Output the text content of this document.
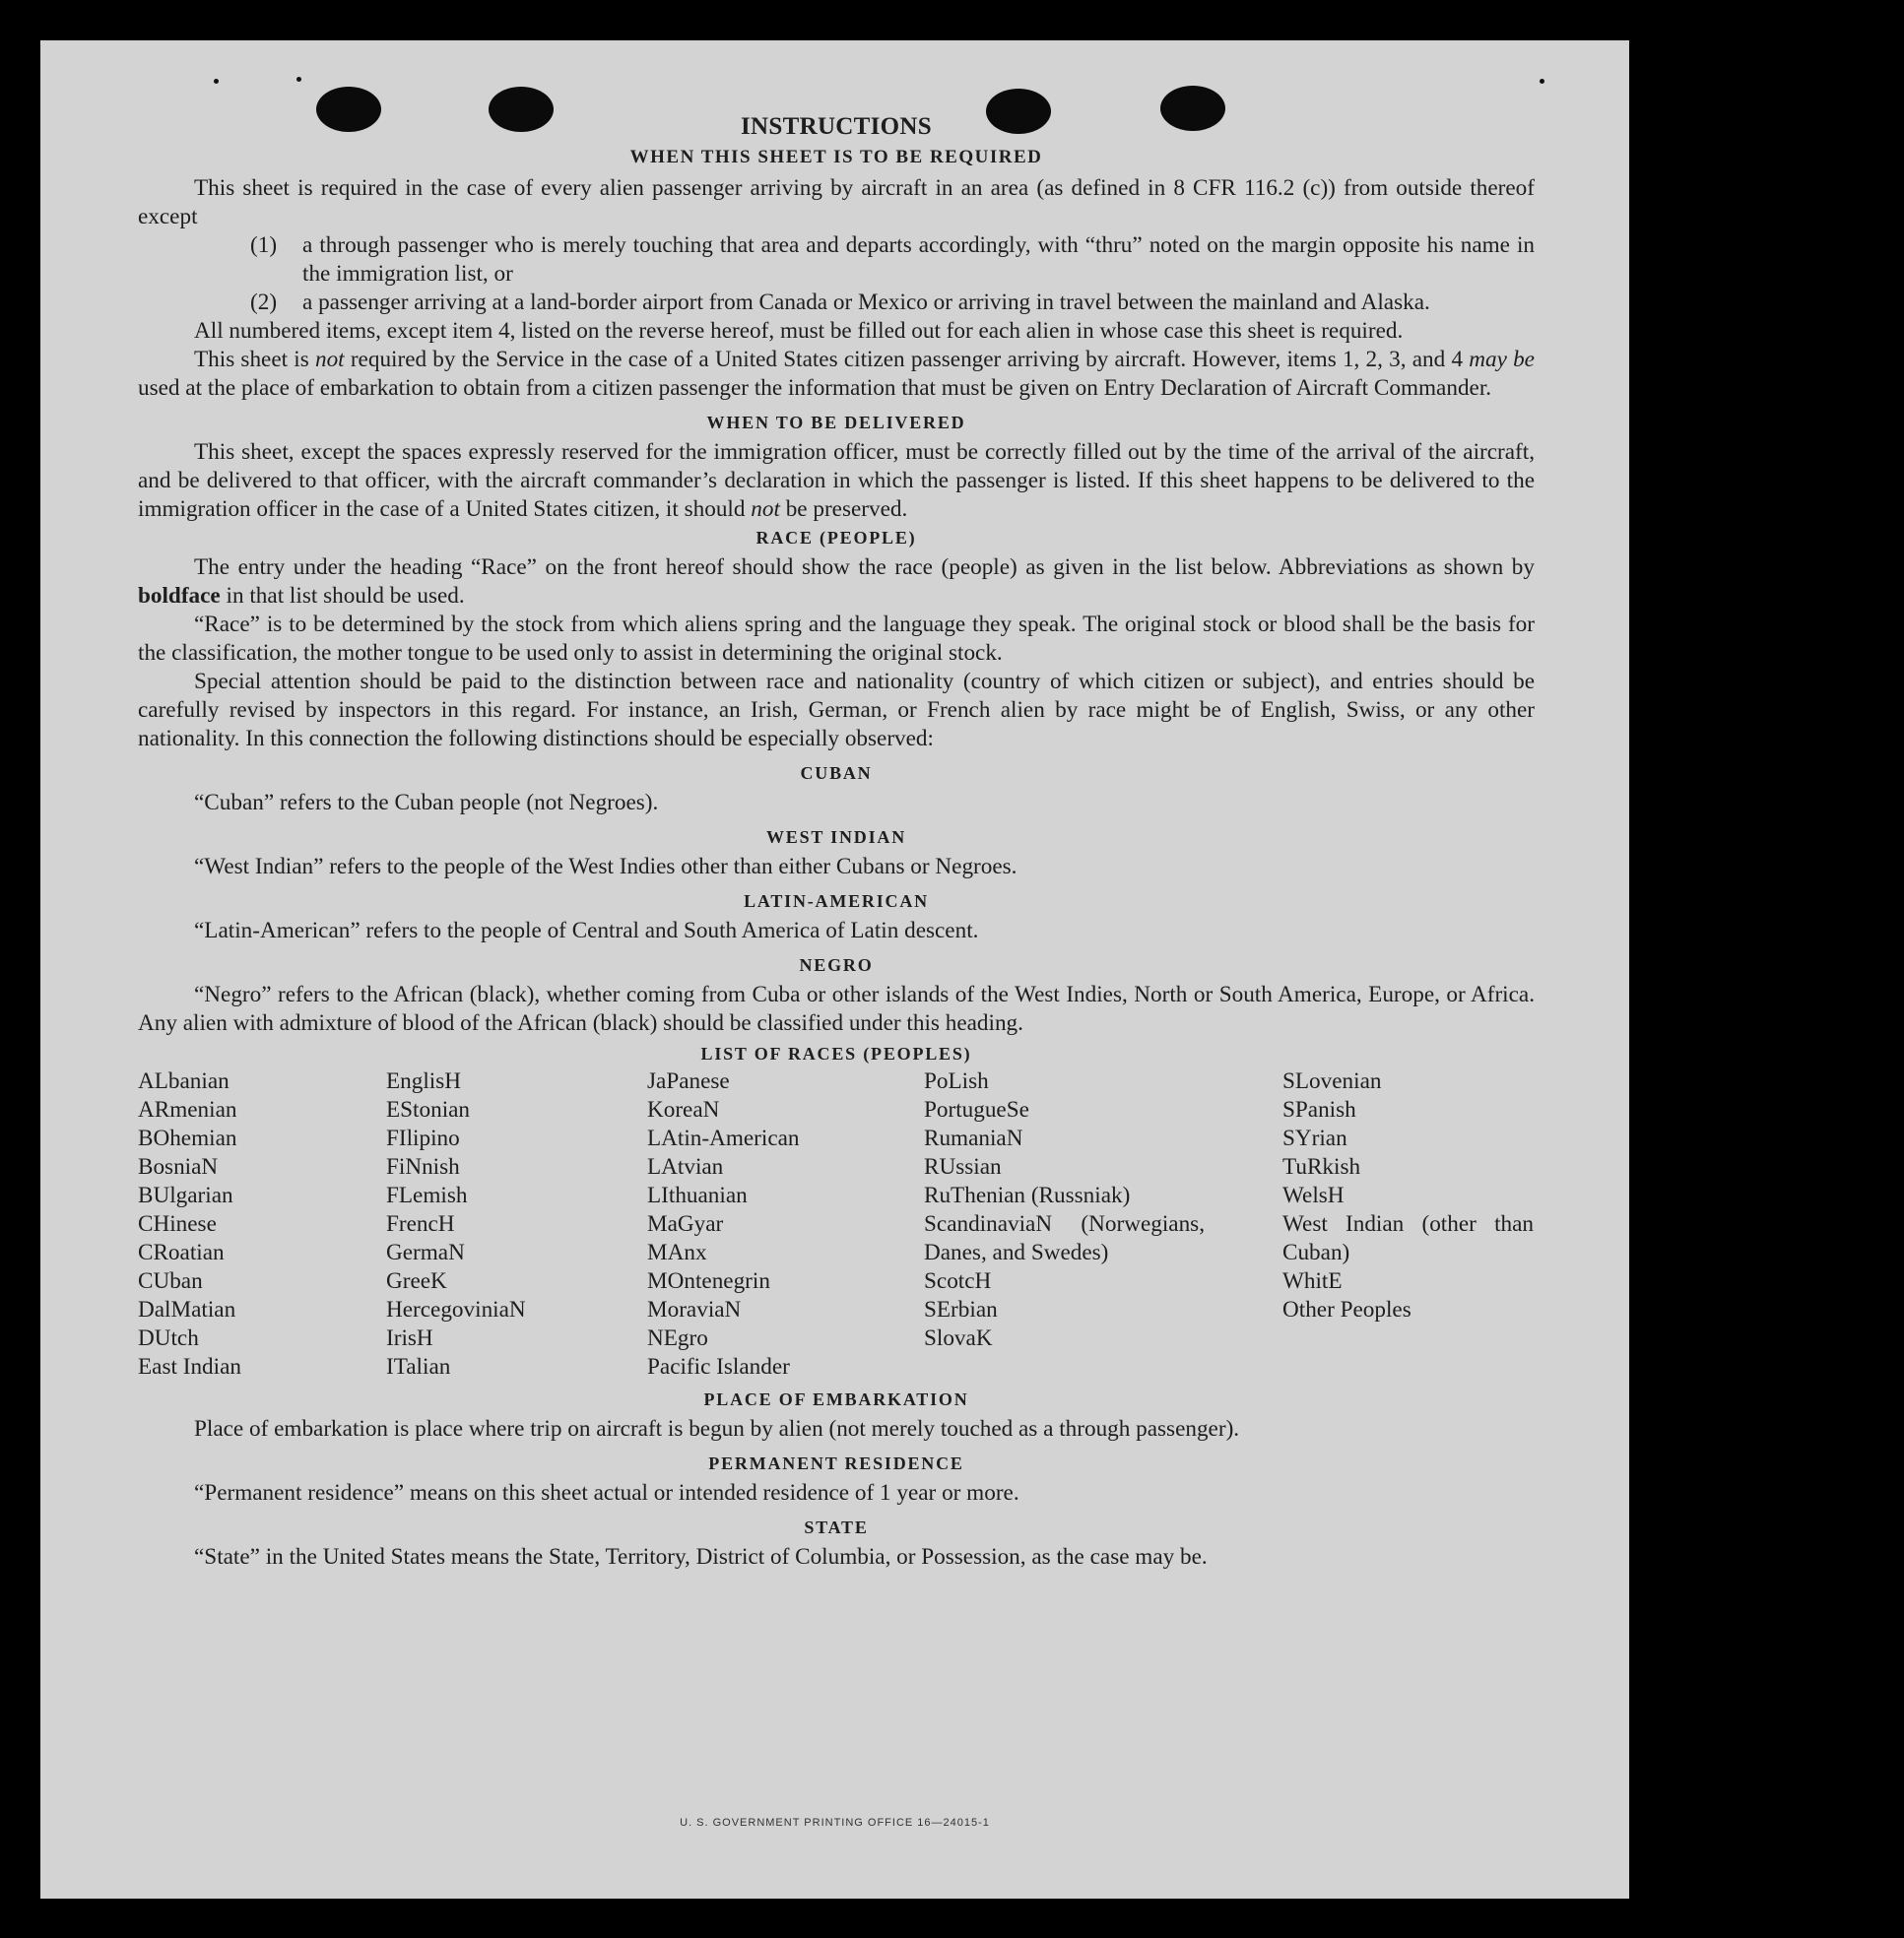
INSTRUCTIONS
WHEN THIS SHEET IS TO BE REQUIRED

This sheet is required in the case of every alien passenger arriving by aircraft in an area (as defined in 8 CFR 116.2 (c)) from outside thereof except

(1)	a through passenger who is merely touching that area and departs accordingly, with “thru” noted on the margin opposite his name in the immigration list, or
(2)	a passenger arriving at a land-border airport from Canada or Mexico or arriving in travel between the mainland and Alaska.

All numbered items, except item 4, listed on the reverse hereof, must be filled out for each alien in whose case this sheet is required.

This sheet is not required by the Service in the case of a United States citizen passenger arriving by aircraft. However, items 1, 2, 3, and 4 may be used at the place of embarkation to obtain from a citizen passenger the information that must be given on Entry Declaration of Aircraft Commander.

WHEN TO BE DELIVERED

This sheet, except the spaces expressly reserved for the immigration officer, must be correctly filled out by the time of the arrival of the aircraft, and be delivered to that officer, with the aircraft commander’s declaration in which the passenger is listed. If this sheet happens to be delivered to the immigration officer in the case of a United States citizen, it should not be preserved.

RACE (PEOPLE)

The entry under the heading “Race” on the front hereof should show the race (people) as given in the list below. Abbreviations as shown by boldface in that list should be used.

“Race” is to be determined by the stock from which aliens spring and the language they speak. The original stock or blood shall be the basis for the classification, the mother tongue to be used only to assist in determining the original stock.

Special attention should be paid to the distinction between race and nationality (country of which citizen or subject), and entries should be carefully revised by inspectors in this regard. For instance, an Irish, German, or French alien by race might be of English, Swiss, or any other nationality. In this connection the following distinctions should be especially observed:

CUBAN

“Cuban” refers to the Cuban people (not Negroes).

WEST INDIAN

“West Indian” refers to the people of the West Indies other than either Cubans or Negroes.

LATIN-AMERICAN

“Latin-American” refers to the people of Central and South America of Latin descent.

NEGRO

“Negro” refers to the African (black), whether coming from Cuba or other islands of the West Indies, North or South America, Europe, or Africa. Any alien with admixture of blood of the African (black) should be classified under this heading.

LIST OF RACES (PEOPLES)
ALbanian
ARmenian
BOhemian
BosniaN
BUlgarian
CHinese
CRoatian
CUban
DalMatian
DUtch
East Indian
EnglisH
EStonian
FIlipino
FiNnish
FLemish
FrencH
GermaN
GreeK
HercegoviniaN
IrisH
ITalian
JaPanese
KoreaN
LAtin-American
LAtvian
LIthuanian
MaGyar
MAnx
MOntenegrin
MoraviaN
NEgro
Pacific Islander
PoLish
PortugueSe
RumaniaN
RUssian
RuThenian (Russniak)
ScandinaviaN (Norwegians, Danes, and Swedes)
ScotcH
SErbian
SlovaK
SLovenian
SPanish
SYrian
TuRkish
WelsH
West Indian (other than Cuban)
WhitE
Other Peoples
PLACE OF EMBARKATION

Place of embarkation is place where trip on aircraft is begun by alien (not merely touched as a through passenger).

PERMANENT RESIDENCE

“Permanent residence” means on this sheet actual or intended residence of 1 year or more.

STATE

“State” in the United States means the State, Territory, District of Columbia, or Possession, as the case may be.

U. S. GOVERNMENT PRINTING OFFICE 16—24015-1
